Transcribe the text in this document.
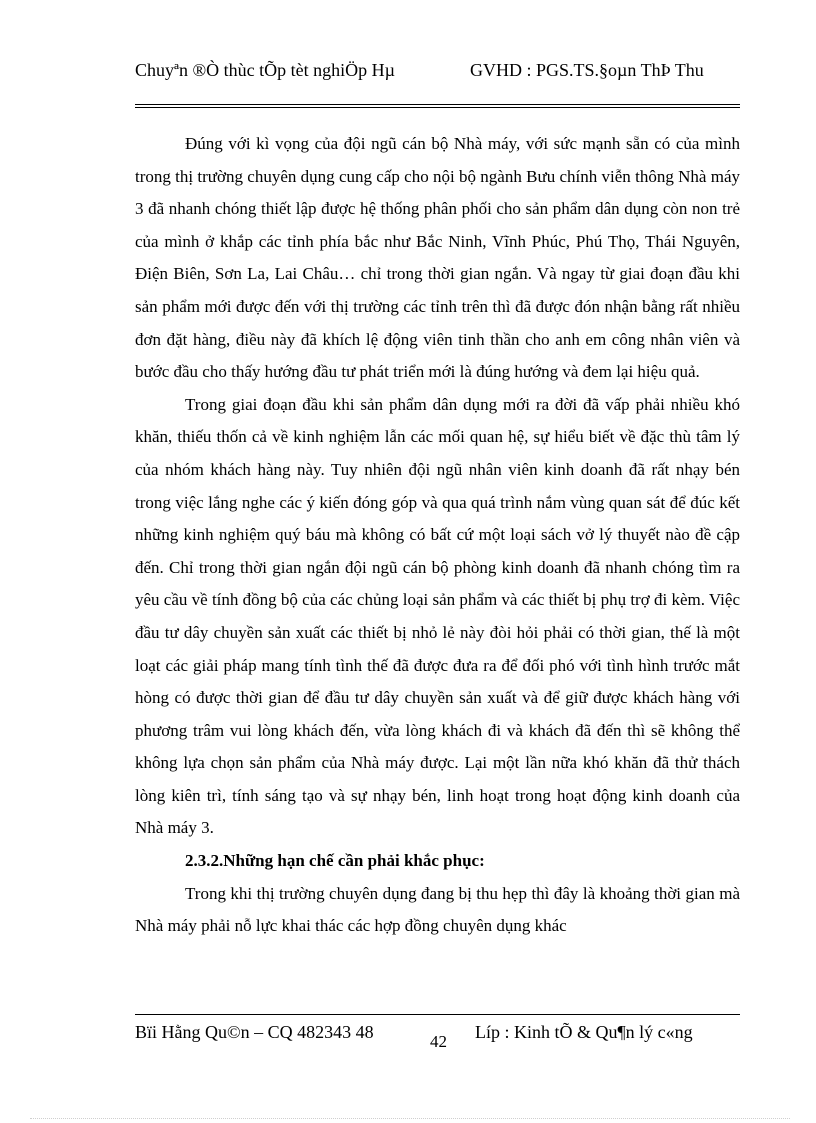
Chuyªn ®Ò thùc tÕp tèt nghiÖp Hµ	GVHD : PGS.TS.§oµn ThÞ Thu

Đúng với kì vọng của đội ngũ cán bộ Nhà máy, với sức mạnh sẵn có của mình trong thị trường chuyên dụng cung cấp cho nội bộ ngành Bưu chính viễn thông Nhà máy 3 đã nhanh chóng thiết lập được hệ thống phân phối cho sản phẩm dân dụng còn non trẻ của mình ở khắp các tỉnh phía bắc như Bắc Ninh, Vĩnh Phúc, Phú Thọ, Thái Nguyên, Điện Biên, Sơn La, Lai Châu… chỉ trong thời gian ngắn. Và ngay từ giai đoạn đầu khi sản phẩm mới được đến với thị trường các tỉnh trên thì đã được đón nhận bằng rất nhiều đơn đặt hàng, điều này đã khích lệ động viên tinh thần cho anh em công nhân viên và bước đầu cho thấy hướng đầu tư phát triển mới là đúng hướng và đem lại hiệu quả.

Trong giai đoạn đầu khi sản phẩm dân dụng mới ra đời đã vấp phải nhiều khó khăn, thiếu thốn cả về kinh nghiệm lẫn các mối quan hệ, sự hiểu biết về đặc thù tâm lý của nhóm khách hàng này. Tuy nhiên đội ngũ nhân viên kinh doanh đã rất nhạy bén trong việc lắng nghe các ý kiến đóng góp và qua quá trình nắm vùng quan sát để đúc kết những kinh nghiệm quý báu mà không có bất cứ một loại sách vở lý thuyết nào đề cập đến. Chỉ trong thời gian ngắn đội ngũ cán bộ phòng kinh doanh đã nhanh chóng tìm ra yêu cầu về tính đồng bộ của các chủng loại sản phẩm và các thiết bị phụ trợ đi kèm. Việc đầu tư dây chuyền sản xuất các thiết bị nhỏ lẻ này đòi hỏi phải có thời gian, thế là một loạt các giải pháp mang tính tình thế đã được đưa ra để đối phó với tình hình trước mắt hòng có được thời gian để đầu tư dây chuyền sản xuất và để giữ được khách hàng với phương trâm vui lòng khách đến, vừa lòng khách đi và khách đã đến thì sẽ không thể không lựa chọn sản phẩm của Nhà máy được. Lại một lần nữa khó khăn đã thử thách lòng kiên trì, tính sáng tạo và sự nhạy bén, linh hoạt trong hoạt động kinh doanh của Nhà máy 3.

2.3.2.Những hạn chế cần phải khắc phục:

Trong khi thị trường chuyên dụng đang bị thu hẹp thì đây là khoảng thời gian mà Nhà máy phải nỗ lực khai thác các hợp đồng chuyên dụng khác

Bïi Hằng Qu©n – CQ 482343 48	42 Líp : Kinh tÕ & Qu¶n lý c«ng
